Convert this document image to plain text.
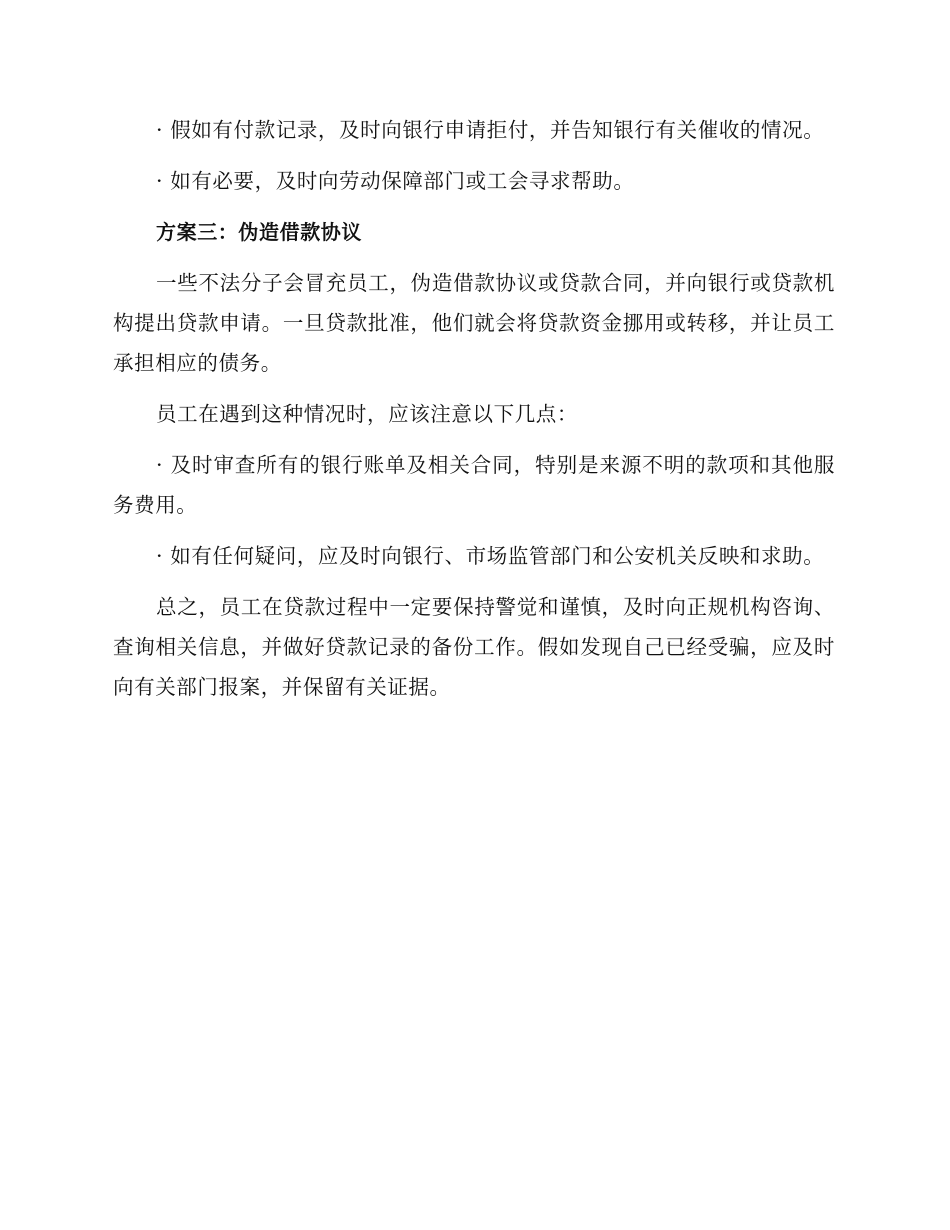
· 假如有付款记录，及时向银行申请拒付，并告知银行有关催收的情况。

· 如有必要，及时向劳动保障部门或工会寻求帮助。

方案三：伪造借款协议

一些不法分子会冒充员工，伪造借款协议或贷款合同，并向银行或贷款机构提出贷款申请。一旦贷款批准，他们就会将贷款资金挪用或转移，并让员工承担相应的债务。

员工在遇到这种情况时，应该注意以下几点：

· 及时审查所有的银行账单及相关合同，特别是来源不明的款项和其他服务费用。

· 如有任何疑问，应及时向银行、市场监管部门和公安机关反映和求助。

总之，员工在贷款过程中一定要保持警觉和谨慎，及时向正规机构咨询、查询相关信息，并做好贷款记录的备份工作。假如发现自己已经受骗，应及时向有关部门报案，并保留有关证据。
